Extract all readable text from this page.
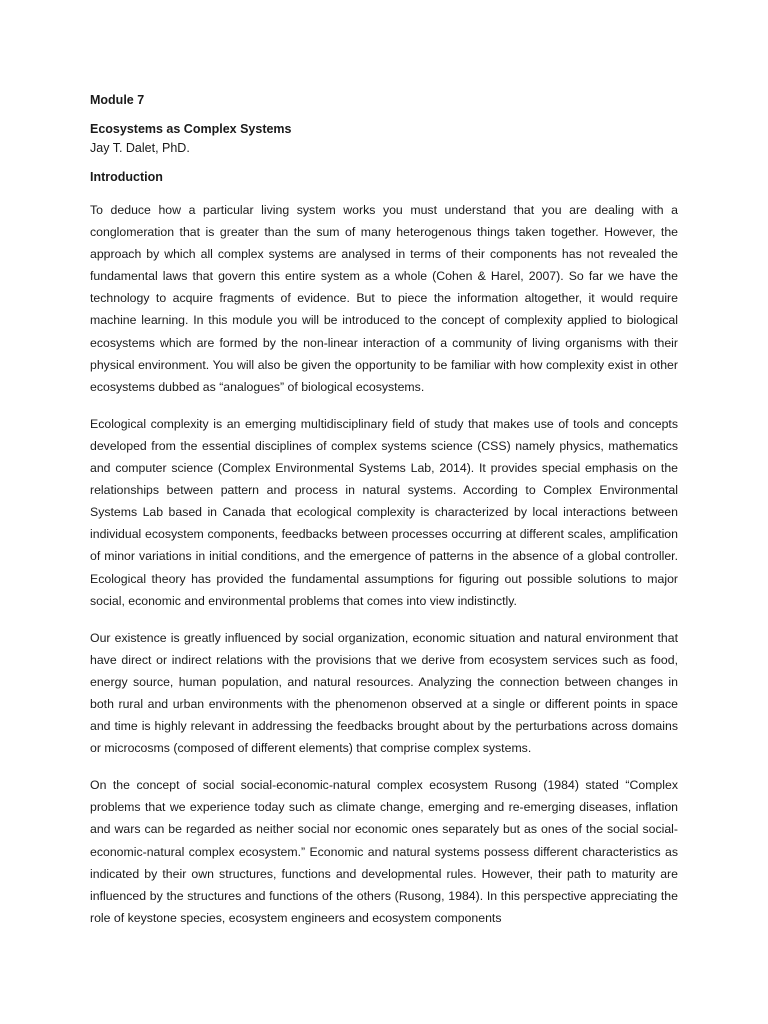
Module 7
Ecosystems as Complex Systems
Jay T. Dalet, PhD.
Introduction

To deduce how a particular living system works you must understand that you are dealing with a conglomeration that is greater than the sum of many heterogenous things taken together. However, the approach by which all complex systems are analysed in terms of their components has not revealed the fundamental laws that govern this entire system as a whole (Cohen & Harel, 2007). So far we have the technology to acquire fragments of evidence. But to piece the information altogether, it would require machine learning. In this module you will be introduced to the concept of complexity applied to biological ecosystems which are formed by the non-linear interaction of a community of living organisms with their physical environment. You will also be given the opportunity to be familiar with how complexity exist in other ecosystems dubbed as “analogues” of biological ecosystems.

Ecological complexity is an emerging multidisciplinary field of study that makes use of tools and concepts developed from the essential disciplines of complex systems science (CSS) namely physics, mathematics and computer science (Complex Environmental Systems Lab, 2014). It provides special emphasis on the relationships between pattern and process in natural systems. According to Complex Environmental Systems Lab based in Canada that ecological complexity is characterized by local interactions between individual ecosystem components, feedbacks between processes occurring at different scales, amplification of minor variations in initial conditions, and the emergence of patterns in the absence of a global controller. Ecological theory has provided the fundamental assumptions for figuring out possible solutions to major social, economic and environmental problems that comes into view indistinctly.

Our existence is greatly influenced by social organization, economic situation and natural environment that have direct or indirect relations with the provisions that we derive from ecosystem services such as food, energy source, human population, and natural resources. Analyzing the connection between changes in both rural and urban environments with the phenomenon observed at a single or different points in space and time is highly relevant in addressing the feedbacks brought about by the perturbations across domains or microcosms (composed of different elements) that comprise complex systems.

On the concept of social social-economic-natural complex ecosystem Rusong (1984) stated “Complex problems that we experience today such as climate change, emerging and re-emerging diseases, inflation and wars can be regarded as neither social nor economic ones separately but as ones of the social social-economic-natural complex ecosystem.” Economic and natural systems possess different characteristics as indicated by their own structures, functions and developmental rules. However, their path to maturity are influenced by the structures and functions of the others (Rusong, 1984). In this perspective appreciating the role of keystone species, ecosystem engineers and ecosystem components
